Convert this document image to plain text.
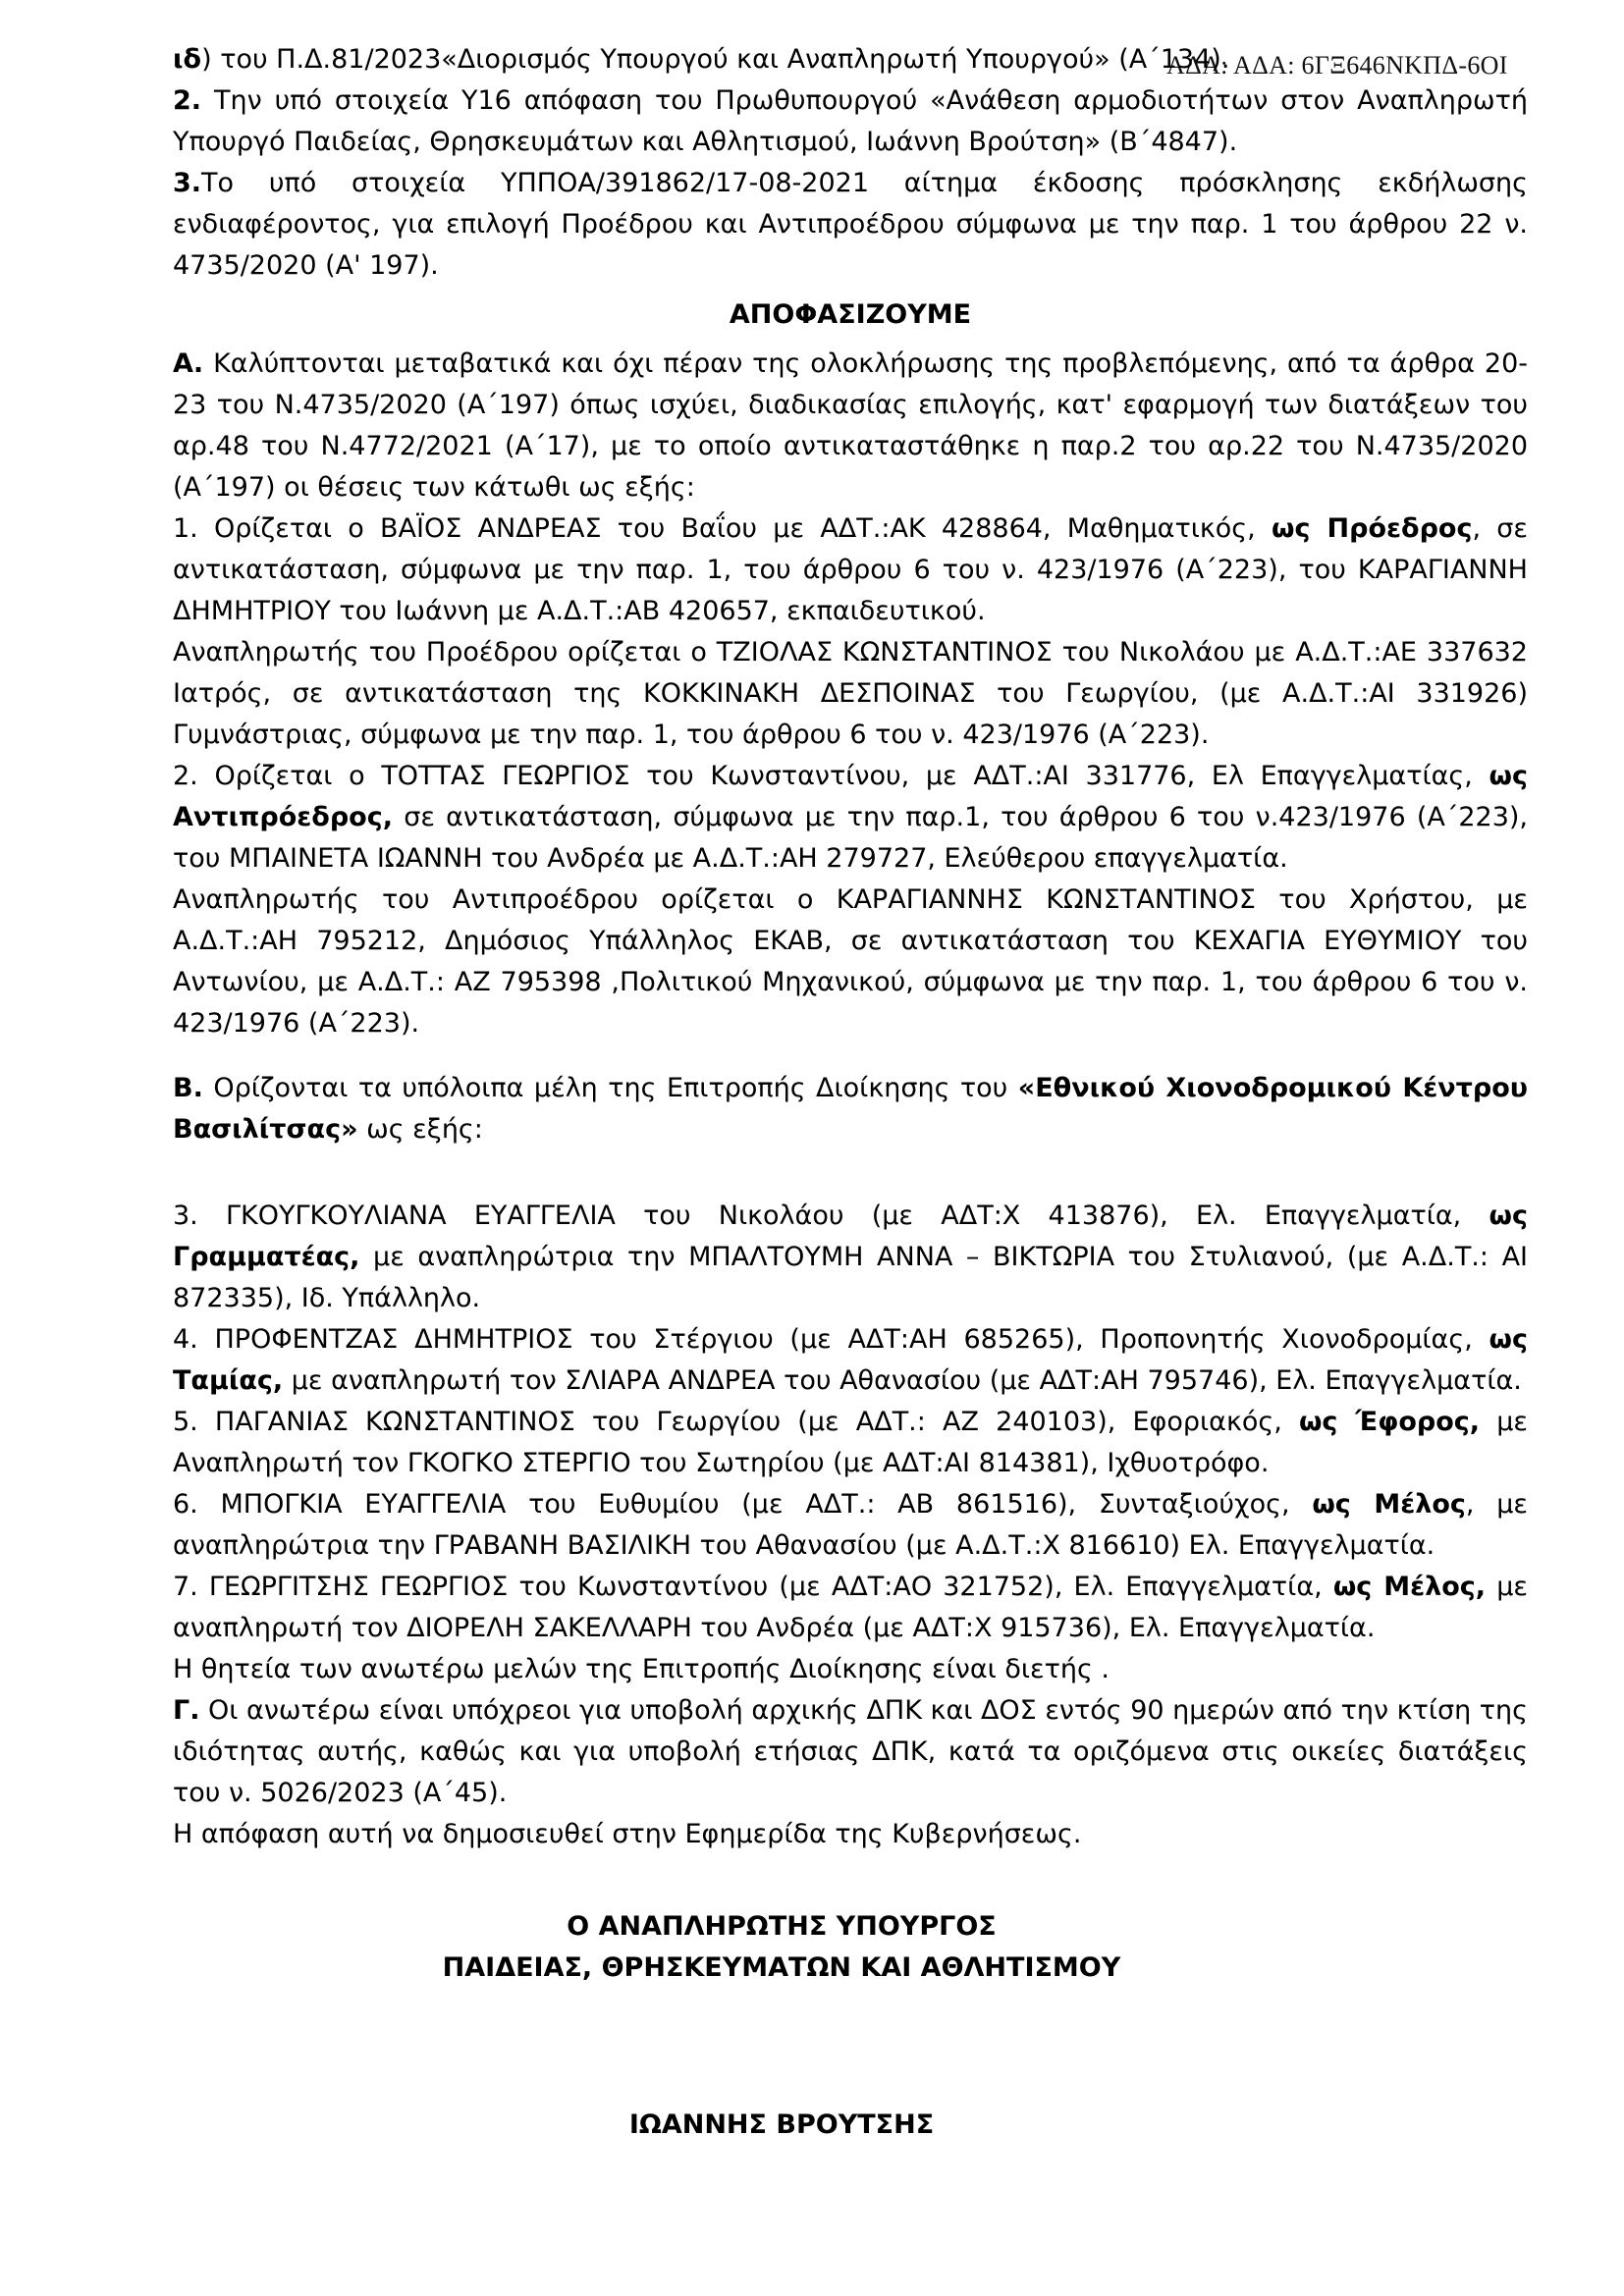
ΑΔΑ: ΑΔΑ: 6ΓΞ646ΝΚΠΔ-6ΟΙ

ιδ) του Π.Δ.81/2023«Διορισμός Υπουργού και Αναπληρωτή Υπουργού» (Α΄134).

2. Την υπό στοιχεία Υ16 απόφαση του Πρωθυπουργού «Ανάθεση αρμοδιοτήτων στον Αναπληρωτή Υπουργό Παιδείας, Θρησκευμάτων και Αθλητισμού, Ιωάννη Βρούτση» (Β΄4847).

3.Το υπό στοιχεία ΥΠΠΟΑ/391862/17-08-2021 αίτημα έκδοσης πρόσκλησης εκδήλωσης ενδιαφέροντος, για επιλογή Προέδρου και Αντιπροέδρου σύμφωνα με την παρ. 1 του άρθρου 22 ν. 4735/2020 (Α' 197).

ΑΠΟΦΑΣΙΖΟΥΜΕ

Α. Καλύπτονται μεταβατικά και όχι πέραν της ολοκλήρωσης της προβλεπόμενης, από τα άρθρα 20-23 του Ν.4735/2020 (Α΄197) όπως ισχύει, διαδικασίας επιλογής, κατ' εφαρμογή των διατάξεων του αρ.48 του Ν.4772/2021 (Α΄17), με το οποίο αντικαταστάθηκε η παρ.2 του αρ.22 του Ν.4735/2020 (Α΄197) οι θέσεις των κάτωθι ως εξής:

1. Ορίζεται ο ΒΑΪΟΣ ΑΝΔΡΕΑΣ του Βαΐου με ΑΔΤ.:ΑΚ 428864, Μαθηματικός, ως Πρόεδρος, σε αντικατάσταση, σύμφωνα με την παρ. 1, του άρθρου 6 του ν. 423/1976 (Α΄223), του ΚΑΡΑΓΙΑΝΝΗ ΔΗΜΗΤΡΙΟΥ του Ιωάννη με Α.Δ.Τ.:ΑΒ 420657, εκπαιδευτικού.

Αναπληρωτής του Προέδρου ορίζεται ο ΤΖΙΟΛΑΣ ΚΩΝΣΤΑΝΤΙΝΟΣ του Νικολάου με Α.Δ.Τ.:ΑΕ 337632 Ιατρός, σε αντικατάσταση της ΚΟΚΚΙΝΑΚΗ ΔΕΣΠΟΙΝΑΣ του Γεωργίου, (με Α.Δ.Τ.:ΑΙ 331926) Γυμνάστριας, σύμφωνα με την παρ. 1, του άρθρου 6 του ν. 423/1976 (Α΄223).

2. Ορίζεται ο ΤΟΤΤΑΣ ΓΕΩΡΓΙΟΣ του Κωνσταντίνου, με ΑΔΤ.:ΑΙ 331776, Ελ Επαγγελματίας, ως Αντιπρόεδρος, σε αντικατάσταση, σύμφωνα με την παρ.1, του άρθρου 6 του ν.423/1976 (Α΄223), του ΜΠΑΙΝΕΤΑ ΙΩΑΝΝΗ του Ανδρέα με Α.Δ.Τ.:ΑΗ 279727, Ελεύθερου επαγγελματία.

Αναπληρωτής του Αντιπροέδρου ορίζεται ο ΚΑΡΑΓΙΑΝΝΗΣ ΚΩΝΣΤΑΝΤΙΝΟΣ του Χρήστου, με Α.Δ.Τ.:ΑΗ 795212, Δημόσιος Υπάλληλος ΕΚΑΒ, σε αντικατάσταση του ΚΕΧΑΓΙΑ ΕΥΘΥΜΙΟΥ του Αντωνίου, με Α.Δ.Τ.: ΑΖ 795398 ,Πολιτικού Μηχανικού, σύμφωνα με την παρ. 1, του άρθρου 6 του ν. 423/1976 (Α΄223).

Β. Ορίζονται τα υπόλοιπα μέλη της Επιτροπής Διοίκησης του «Εθνικού Χιονοδρομικού Κέντρου Βασιλίτσας» ως εξής:

3. ΓΚΟΥΓΚΟΥΛΙΑΝΑ ΕΥΑΓΓΕΛΙΑ του Νικολάου (με ΑΔΤ:Χ 413876), Ελ. Επαγγελματία, ως Γραμματέας, με αναπληρώτρια την ΜΠΑΛΤΟΥΜΗ ΑΝΝΑ – ΒΙΚΤΩΡΙΑ του Στυλιανού, (με Α.Δ.Τ.: ΑΙ 872335), Ιδ. Υπάλληλο.

4. ΠΡΟΦΕΝΤΖΑΣ ΔΗΜΗΤΡΙΟΣ του Στέργιου (με ΑΔΤ:ΑΗ 685265), Προπονητής Χιονοδρομίας, ως Ταμίας, με αναπληρωτή τον ΣΛΙΑΡΑ ΑΝΔΡΕΑ του Αθανασίου (με ΑΔΤ:ΑΗ 795746), Ελ. Επαγγελματία.

5. ΠΑΓΑΝΙΑΣ ΚΩΝΣΤΑΝΤΙΝΟΣ του Γεωργίου (με ΑΔΤ.: ΑΖ 240103), Εφοριακός, ως Έφορος, με Αναπληρωτή τον ΓΚΟΓΚΟ ΣΤΕΡΓΙΟ του Σωτηρίου (με ΑΔΤ:ΑΙ 814381), Ιχθυοτρόφο.

6. ΜΠΟΓΚΙΑ ΕΥΑΓΓΕΛΙΑ του Ευθυμίου (με ΑΔΤ.: ΑΒ 861516), Συνταξιούχος, ως Μέλος, με αναπληρώτρια την ΓΡΑΒΑΝΗ ΒΑΣΙΛΙΚΗ του Αθανασίου (με Α.Δ.Τ.:Χ 816610) Ελ. Επαγγελματία.

7. ΓΕΩΡΓΙΤΣΗΣ ΓΕΩΡΓΙΟΣ του Κωνσταντίνου (με ΑΔΤ:ΑΟ 321752), Ελ. Επαγγελματία, ως Μέλος, με αναπληρωτή τον ΔΙΟΡΕΛΗ ΣΑΚΕΛΛΑΡΗ του Ανδρέα (με ΑΔΤ:Χ 915736), Ελ. Επαγγελματία.

Η θητεία των ανωτέρω μελών της Επιτροπής Διοίκησης είναι διετής .

Γ. Οι ανωτέρω είναι υπόχρεοι για υποβολή αρχικής ΔΠΚ και ΔΟΣ εντός 90 ημερών από την κτίση της ιδιότητας αυτής, καθώς και για υποβολή ετήσιας ΔΠΚ, κατά τα οριζόμενα στις οικείες διατάξεις του ν. 5026/2023 (Α΄45).

Η απόφαση αυτή να δημοσιευθεί στην Εφημερίδα της Κυβερνήσεως.

Ο ΑΝΑΠΛΗΡΩΤΗΣ ΥΠΟΥΡΓΟΣ

ΠΑΙΔΕΙΑΣ, ΘΡΗΣΚΕΥΜΑΤΩΝ ΚΑΙ ΑΘΛΗΤΙΣΜΟΥ

ΙΩΑΝΝΗΣ ΒΡΟΥΤΣΗΣ
